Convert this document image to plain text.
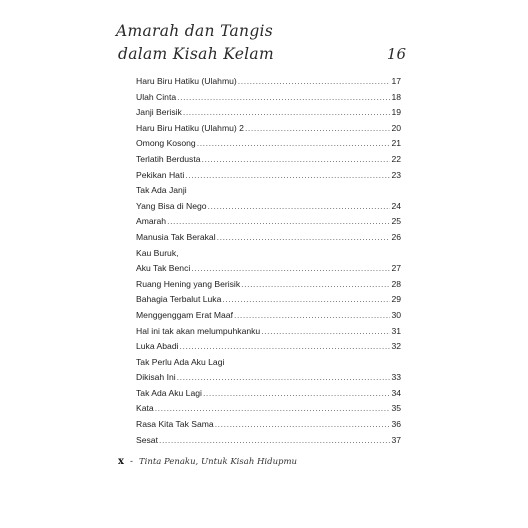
Amarah dan Tangis
dalam Kisah Kelam	16
Haru Biru Hatiku (Ulahmu) . . .	17
Ulah Cinta . . .	18
Janji Berisik . . .	19
Haru Biru Hatiku (Ulahmu) 2 . . .	20
Omong Kosong . . .	21
Terlatih Berdusta . . .	22
Pekikan Hati . . .	23
Tak Ada Janji
Yang Bisa di Nego . . .	24
Amarah . . .	25
Manusia Tak Berakal . . .	26
Kau Buruk,
Aku Tak Benci . . .	27
Ruang Hening yang Berisik . . .	28
Bahagia Terbalut Luka . . .	29
Menggenggam Erat Maaf . . .	30
Hal ini tak akan melumpuhkanku . . .	31
Luka Abadi . . .	32
Tak Perlu Ada Aku Lagi
Dikisah Ini . . .	33
Tak Ada Aku Lagi . . .	34
Kata . . .	35
Rasa Kita Tak Sama . . .	36
Sesat . . .	37
x - Tinta Penaku, Untuk Kisah Hidupmu
